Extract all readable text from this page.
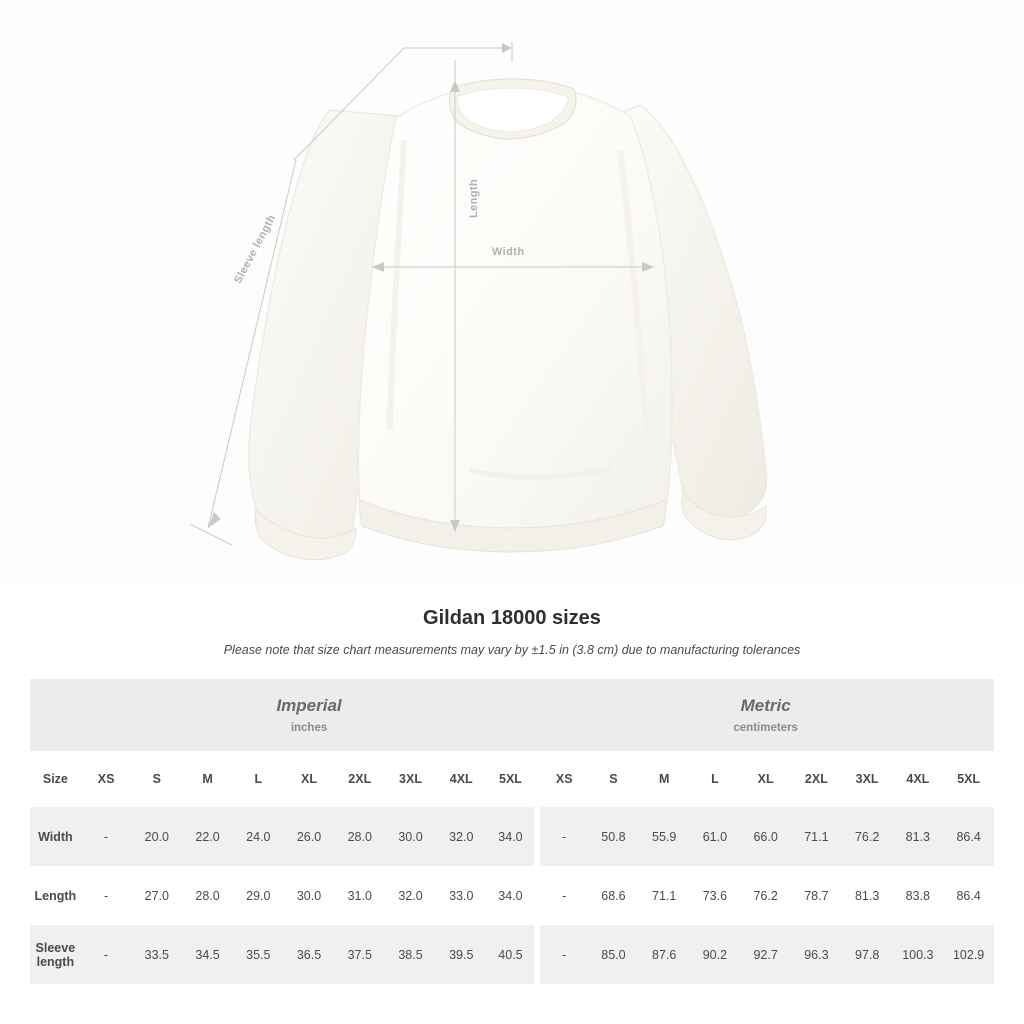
Length
Width
Sleeve length
Gildan 18000 sizes
Please note that size chart measurements may vary by ±1.5 in (3.8 cm) due to manufacturing tolerances

	Imperial
inches									Metric
centimeters								

Size	XS	S	M	L	XL	2XL	3XL	4XL	5XL	XS	S	M	L	XL	2XL	3XL	4XL	5XL
Width	-	20.0	22.0	24.0	26.0	28.0	30.0	32.0	34.0	-	50.8	55.9	61.0	66.0	71.1	76.2	81.3	86.4
Length	-	27.0	28.0	29.0	30.0	31.0	32.0	33.0	34.0	-	68.6	71.1	73.6	76.2	78.7	81.3	83.8	86.4
Sleeve length	-	33.5	34.5	35.5	36.5	37.5	38.5	39.5	40.5	-	85.0	87.6	90.2	92.7	96.3	97.8	100.3	102.9
